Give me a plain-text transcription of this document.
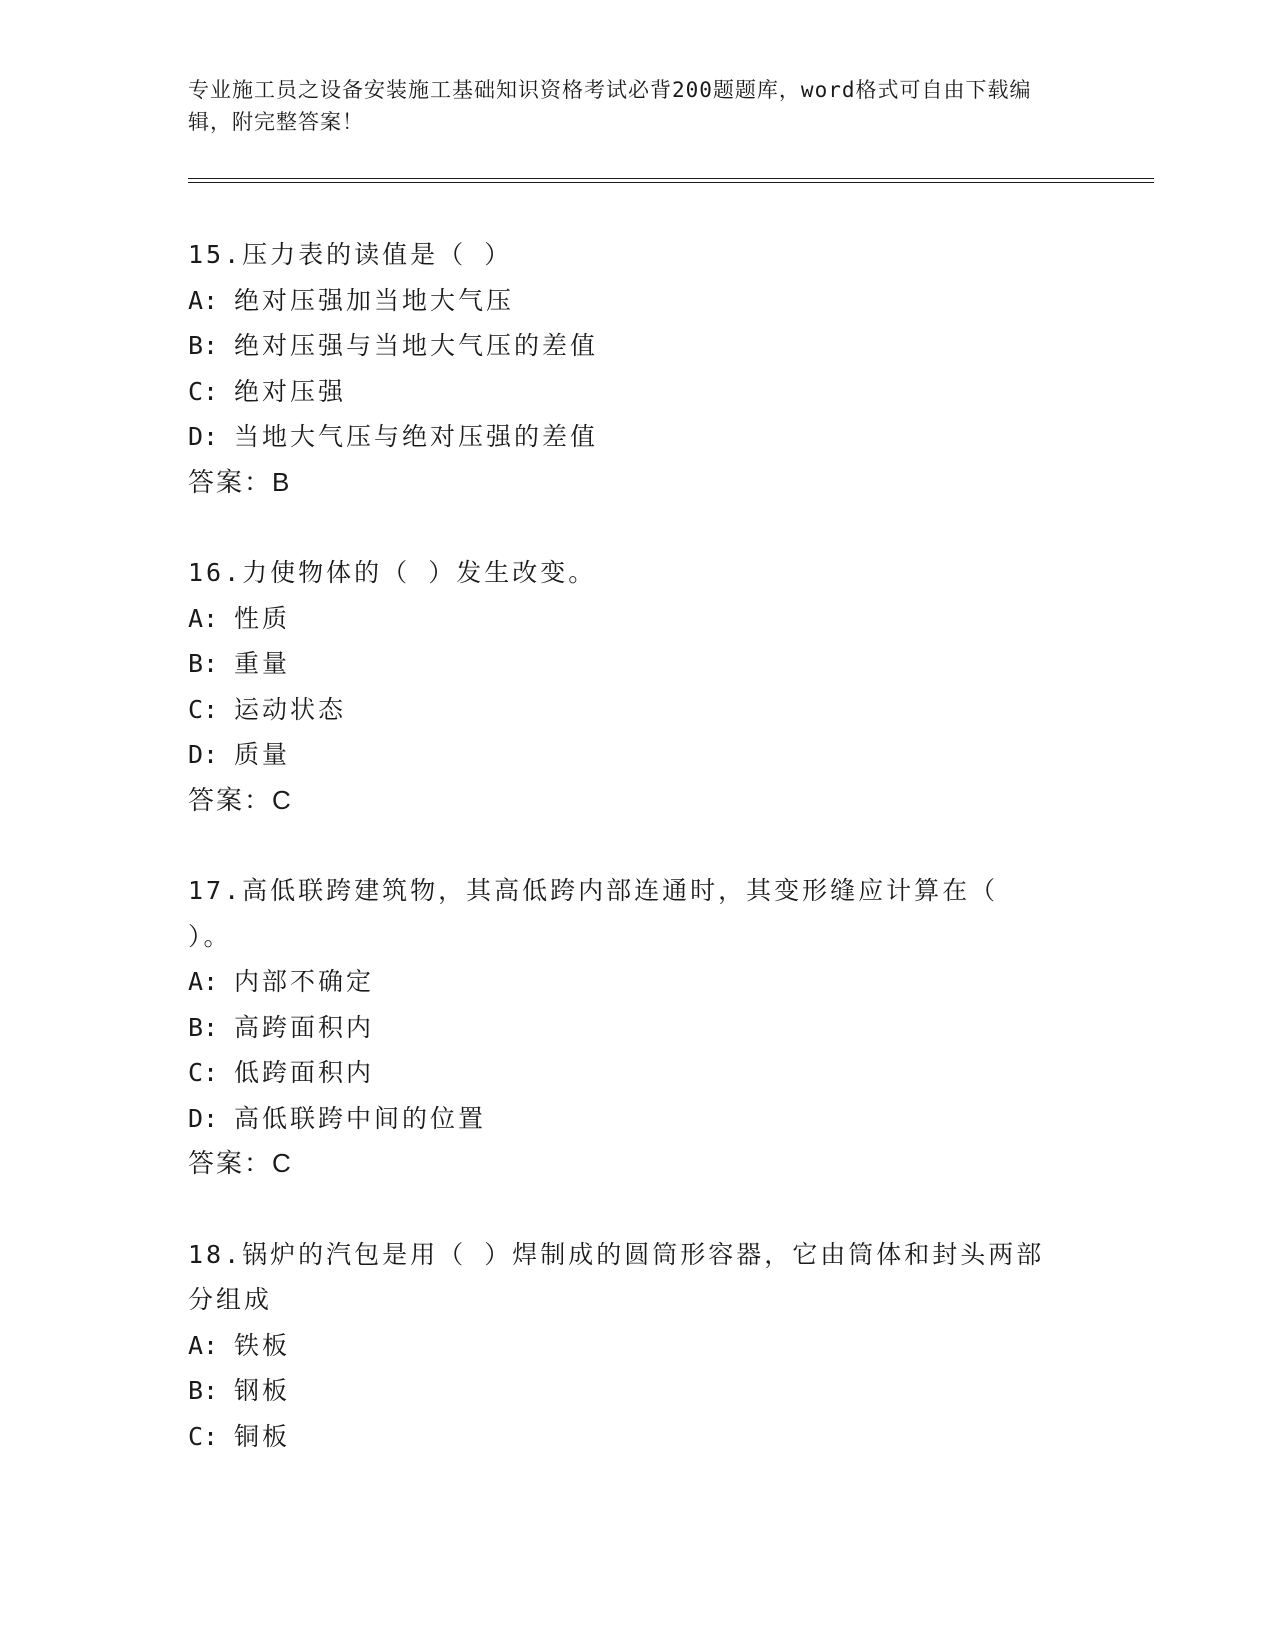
专业施工员之设备安装施工基础知识资格考试必背200题题库，word格式可自由下载编辑，附完整答案！

15.压力表的读值是（ ）

A: 绝对压强加当地大气压

B: 绝对压强与当地大气压的差值

C: 绝对压强

D: 当地大气压与绝对压强的差值

答案：B

16.力使物体的（ ）发生改变。

A: 性质

B: 重量

C: 运动状态

D: 质量

答案：C

17.高低联跨建筑物，其高低跨内部连通时，其变形缝应计算在（ ）。

A: 内部不确定

B: 高跨面积内

C: 低跨面积内

D: 高低联跨中间的位置

答案：C

18.锅炉的汽包是用（ ）焊制成的圆筒形容器，它由筒体和封头两部分组成

A: 铁板

B: 钢板

C: 铜板
